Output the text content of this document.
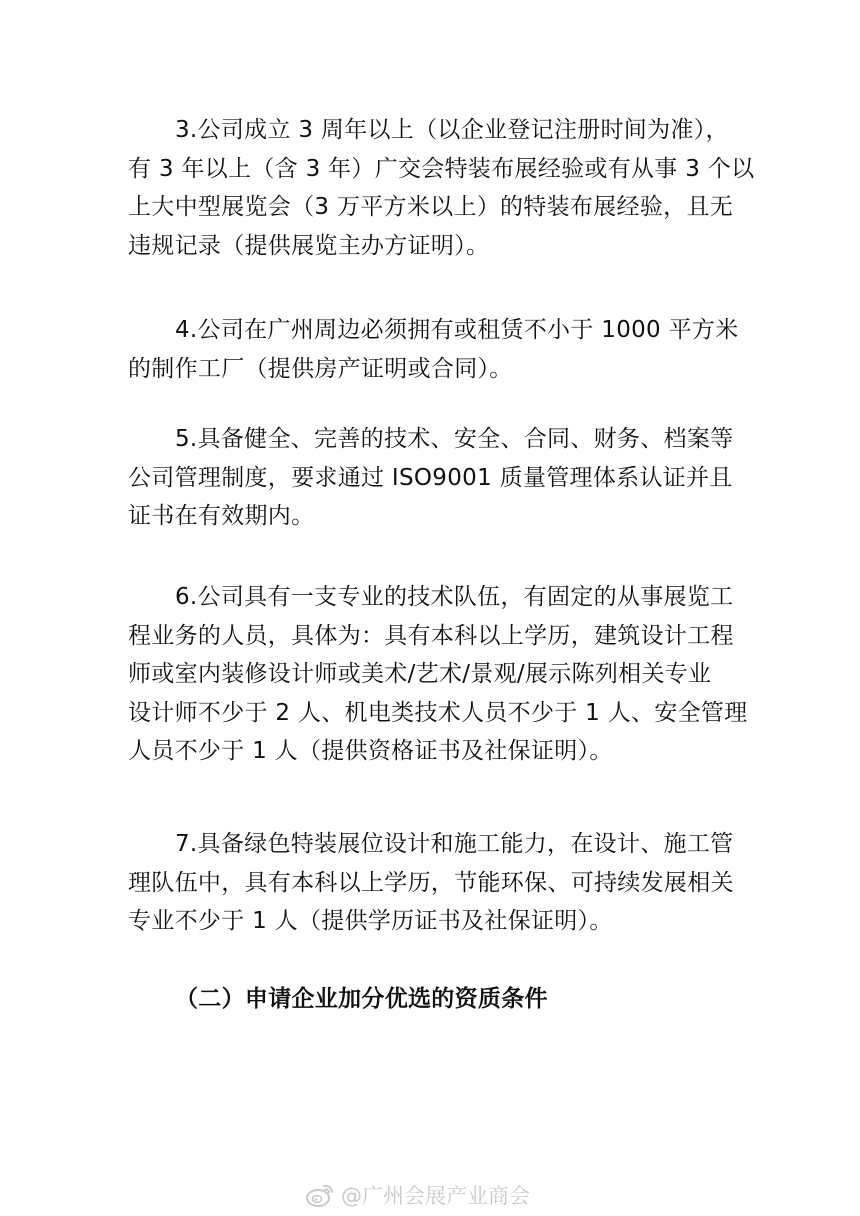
3.公司成立 3 周年以上（以企业登记注册时间为准），
有 3 年以上（含 3 年）广交会特装布展经验或有从事 3 个以
上大中型展览会（3 万平方米以上）的特装布展经验，且无
违规记录（提供展览主办方证明）。

4.公司在广州周边必须拥有或租赁不小于 1000 平方米
的制作工厂（提供房产证明或合同）。

5.具备健全、完善的技术、安全、合同、财务、档案等
公司管理制度，要求通过 ISO9001 质量管理体系认证并且
证书在有效期内。

6.公司具有一支专业的技术队伍，有固定的从事展览工
程业务的人员，具体为：具有本科以上学历，建筑设计工程
师或室内装修设计师或美术/艺术/景观/展示陈列相关专业
设计师不少于 2 人、机电类技术人员不少于 1 人、安全管理
人员不少于 1 人（提供资格证书及社保证明）。

7.具备绿色特装展位设计和施工能力，在设计、施工管
理队伍中，具有本科以上学历，节能环保、可持续发展相关
专业不少于 1 人（提供学历证书及社保证明）。

（二）申请企业加分优选的资质条件
@广州会展产业商会
